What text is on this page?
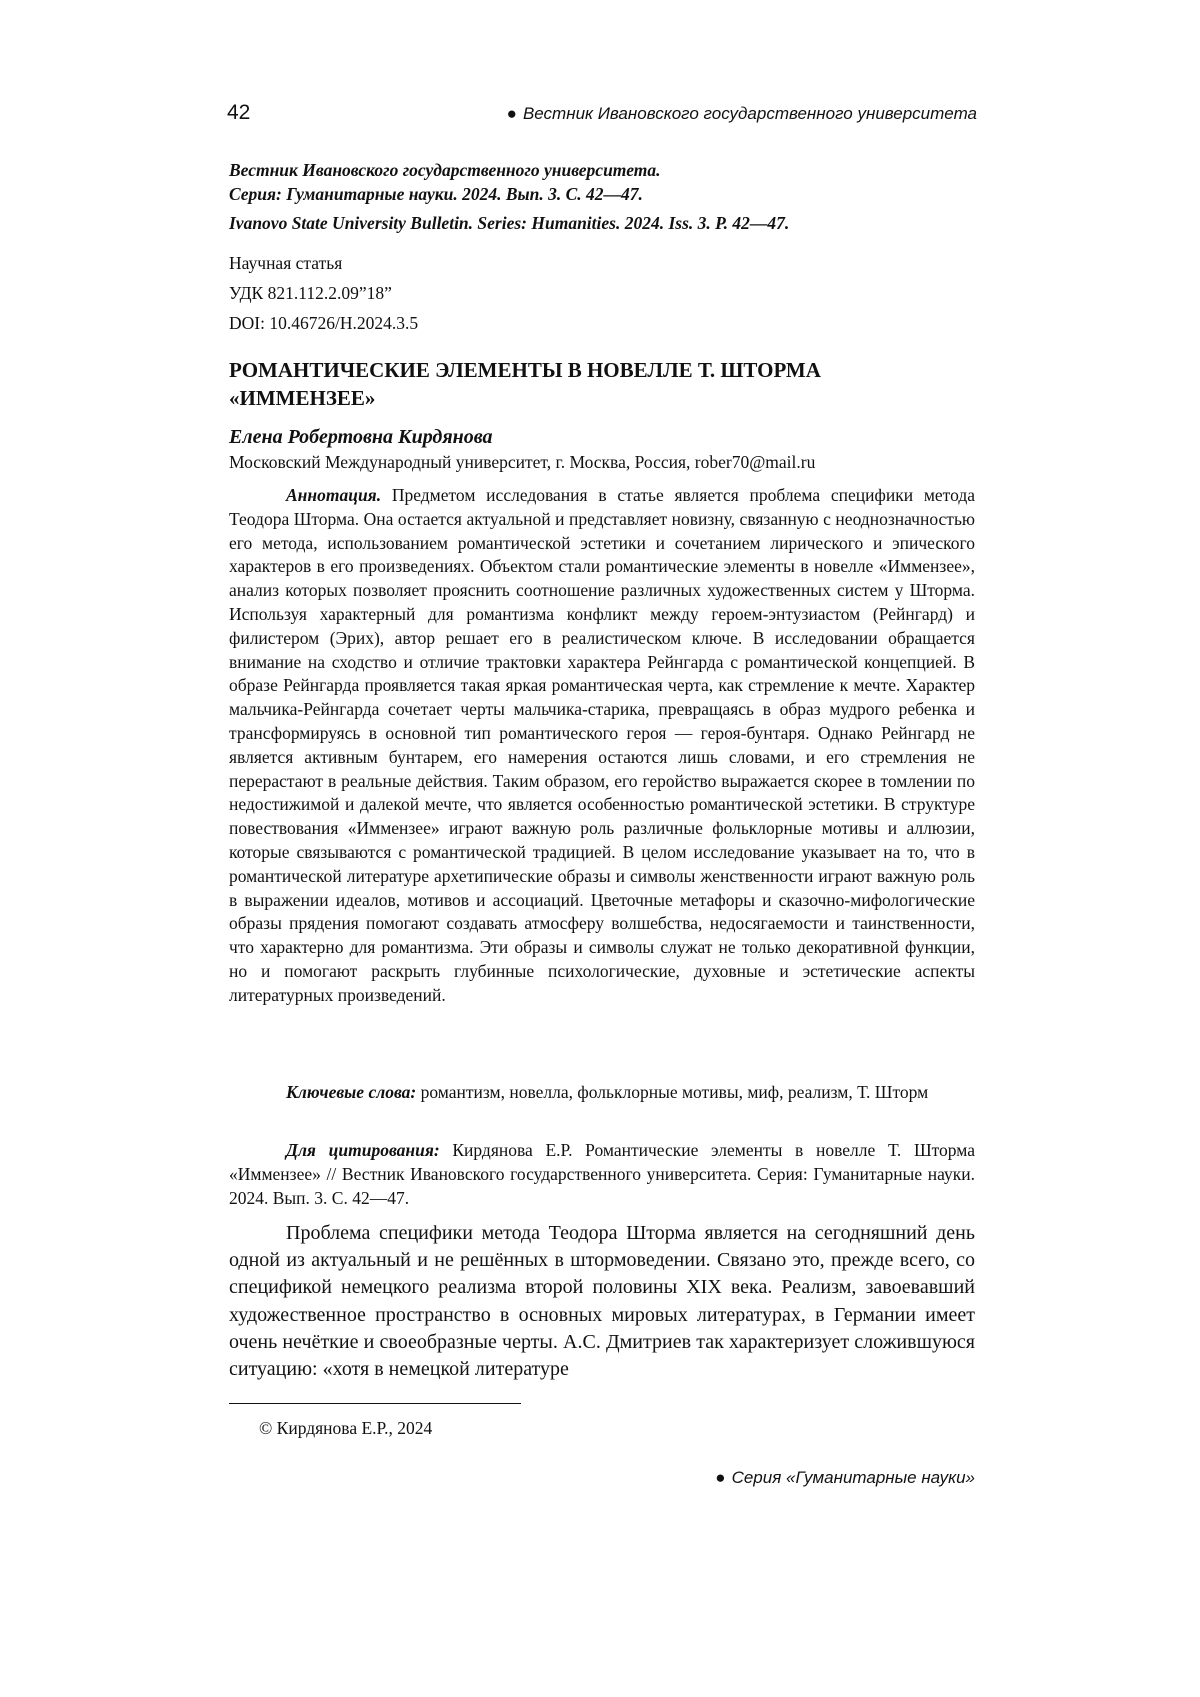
42	● Вестник Ивановского государственного университета
Вестник Ивановского государственного университета.
Серия: Гуманитарные науки. 2024. Вып. 3. С. 42—47.
Ivanovo State University Bulletin. Series: Humanities. 2024. Iss. 3. P. 42—47.
Научная статья
УДК 821.112.2.09”18”
DOI: 10.46726/H.2024.3.5
РОМАНТИЧЕСКИЕ ЭЛЕМЕНТЫ В НОВЕЛЛЕ Т. ШТОРМА
«ИММЕНЗЕЕ»
Елена Робертовна Кирдянова
Московский Международный университет, г. Москва, Россия, rober70@mail.ru

Аннотация. Предметом исследования в статье является проблема специфики метода Теодора Шторма. Она остается актуальной и представляет новизну, связанную с неоднозначностью его метода, использованием романтической эстетики и сочетанием лирического и эпического характеров в его произведениях. Объектом стали романтические элементы в новелле «Иммензее», анализ которых позволяет прояснить соотношение различных художественных систем у Шторма. Используя характерный для романтизма конфликт между героем-энтузиастом (Рейнгард) и филистером (Эрих), автор решает его в реалистическом ключе. В исследовании обращается внимание на сходство и отличие трактовки характера Рейнгарда с романтической концепцией. В образе Рейнгарда проявляется такая яркая романтическая черта, как стремление к мечте. Характер мальчика-Рейнгарда сочетает черты мальчика-старика, превращаясь в образ мудрого ребенка и трансформируясь в основной тип романтического героя — героя-бунтаря. Однако Рейнгард не является активным бунтарем, его намерения остаются лишь словами, и его стремления не перерастают в реальные действия. Таким образом, его геройство выражается скорее в томлении по недостижимой и далекой мечте, что является особенностью романтической эстетики. В структуре повествования «Иммензее» играют важную роль различные фольклорные мотивы и аллюзии, которые связываются с романтической традицией. В целом исследование указывает на то, что в романтической литературе архетипические образы и символы женственности играют важную роль в выражении идеалов, мотивов и ассоциаций. Цветочные метафоры и сказочно-мифологические образы прядения помогают создавать атмосферу волшебства, недосягаемости и таинственности, что характерно для романтизма. Эти образы и символы служат не только декоративной функции, но и помогают раскрыть глубинные психологические, духовные и эстетические аспекты литературных произведений.

Ключевые слова: романтизм, новелла, фольклорные мотивы, миф, реализм, Т. Шторм

Для цитирования: Кирдянова Е.Р. Романтические элементы в новелле Т. Шторма «Иммензее» // Вестник Ивановского государственного университета. Серия: Гуманитарные науки. 2024. Вып. 3. С. 42—47.

Проблема специфики метода Теодора Шторма является на сегодняшний день одной из актуальный и не решённых в штормоведении. Связано это, прежде всего, со спецификой немецкого реализма второй половины XIX века. Реализм, завоевавший художественное пространство в основных мировых литературах, в Германии имеет очень нечёткие и своеобразные черты. А.С. Дмитриев так характеризует сложившуюся ситуацию: «хотя в немецкой литературе

© Кирдянова Е.Р., 2024
● Серия «Гуманитарные науки»
